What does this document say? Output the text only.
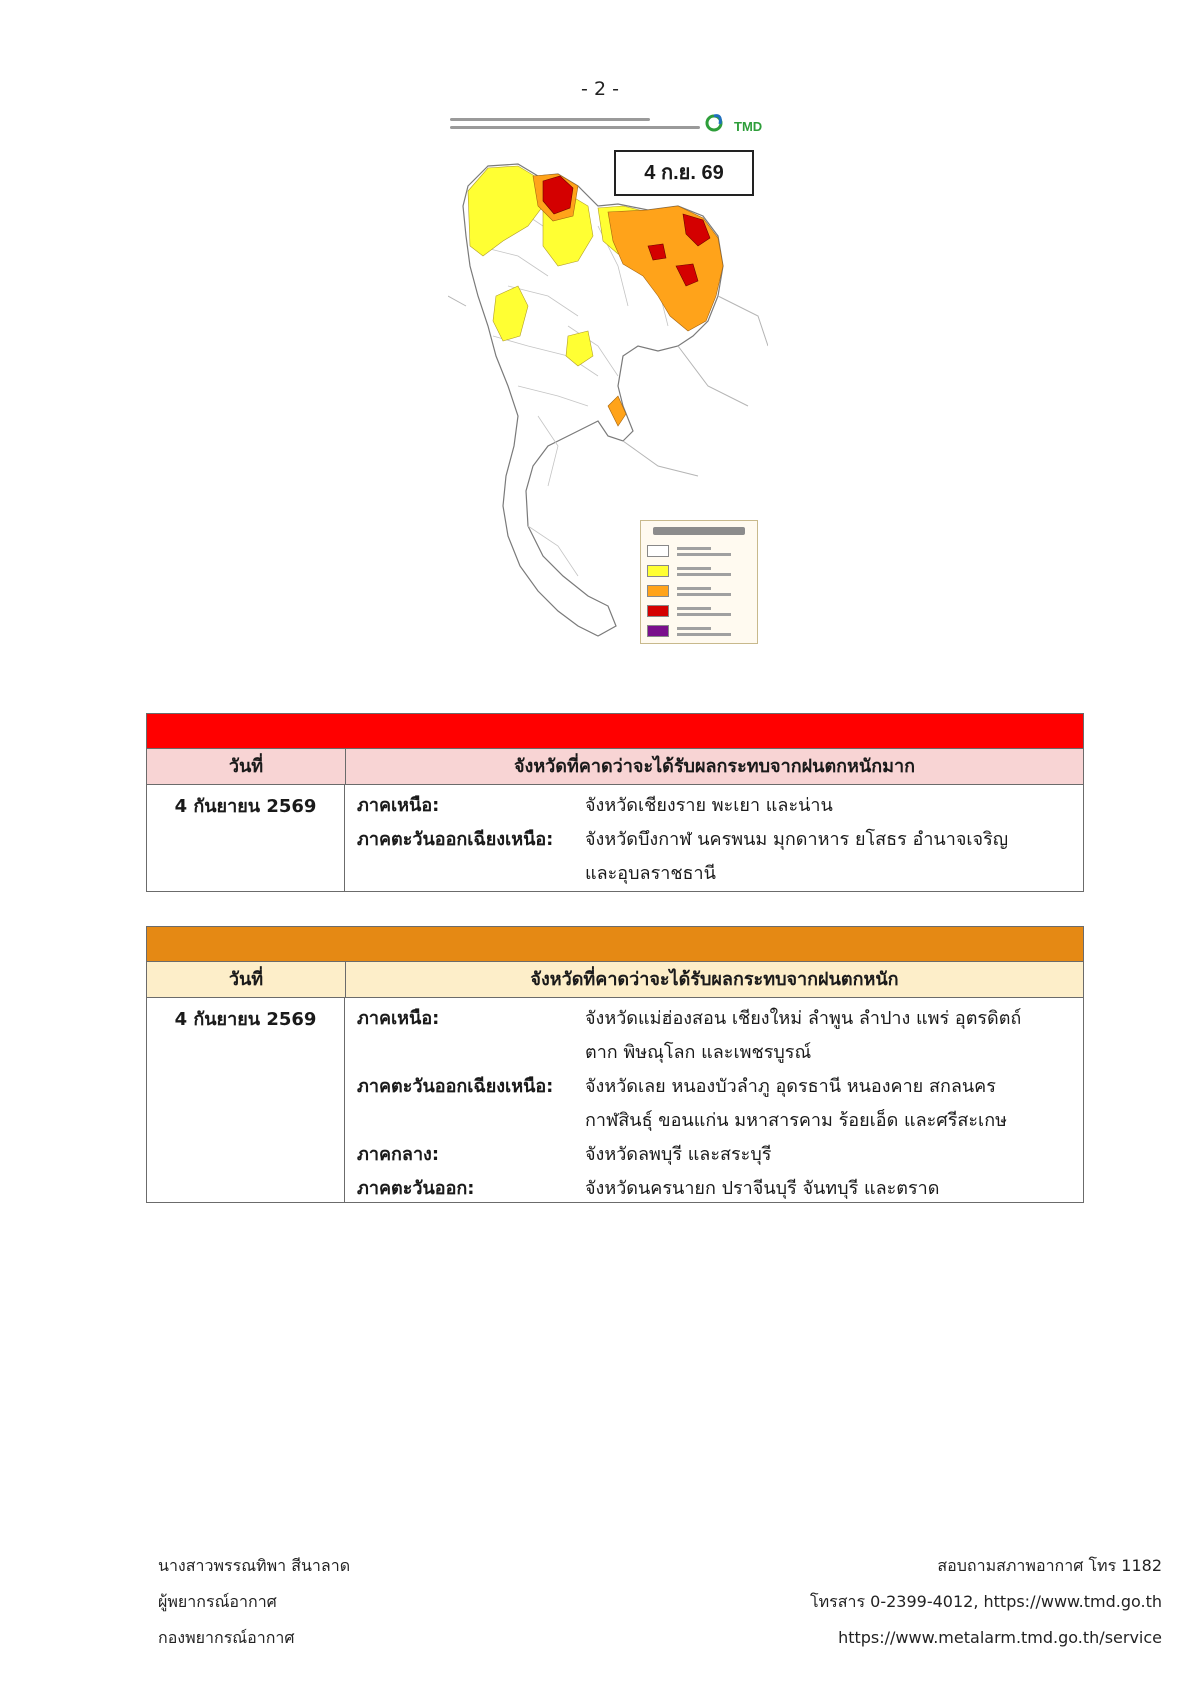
- 2 -
TMD
4 ก.ย. 69
วันที่	จังหวัดที่คาดว่าจะได้รับผลกระทบจากฝนตกหนักมาก
4 กันยายน 2569	ภาคเหนือ:	จังหวัดเชียงราย พะเยา และน่าน
ภาคตะวันออกเฉียงเหนือ:	จังหวัดบึงกาฬ นครพนม มุกดาหาร ยโสธร อำนาจเจริญ และอุบลราชธานี
วันที่	จังหวัดที่คาดว่าจะได้รับผลกระทบจากฝนตกหนัก
4 กันยายน 2569	ภาคเหนือ:	จังหวัดแม่ฮ่องสอน เชียงใหม่ ลำพูน ลำปาง แพร่ อุตรดิตถ์ ตาก พิษณุโลก และเพชรบูรณ์
ภาคตะวันออกเฉียงเหนือ:	จังหวัดเลย หนองบัวลำภู อุดรธานี หนองคาย สกลนคร กาฬสินธุ์ ขอนแก่น มหาสารคาม ร้อยเอ็ด และศรีสะเกษ
ภาคกลาง:	จังหวัดลพบุรี และสระบุรี
ภาคตะวันออก:	จังหวัดนครนายก ปราจีนบุรี จันทบุรี และตราด
นางสาวพรรณทิพา สีนาลาด
ผู้พยากรณ์อากาศ
กองพยากรณ์อากาศ
สอบถามสภาพอากาศ โทร 1182
โทรสาร 0-2399-4012, https://www.tmd.go.th
https://www.metalarm.tmd.go.th/service
